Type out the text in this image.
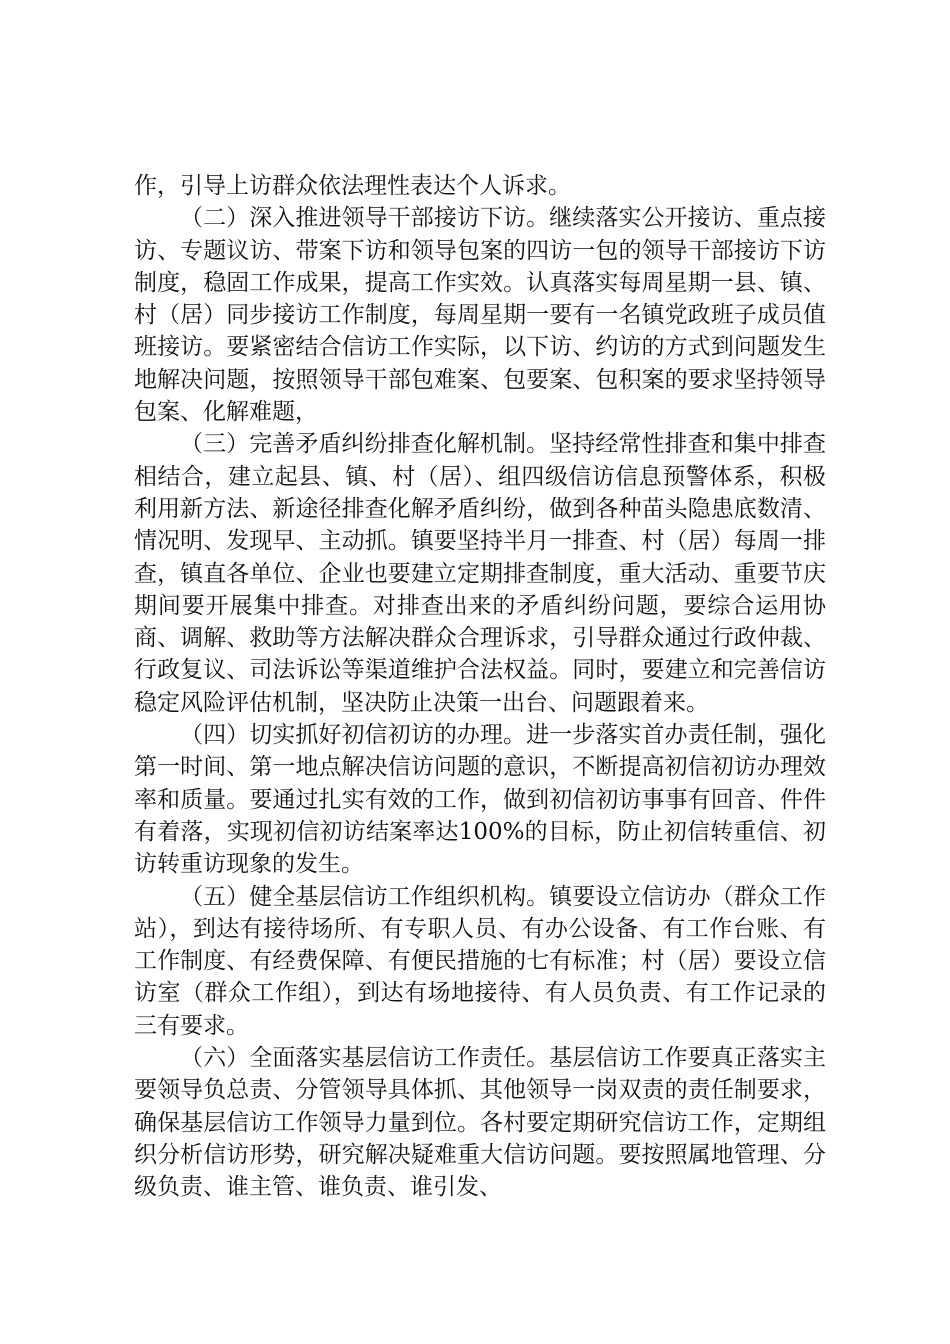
作，引导上访群众依法理性表达个人诉求。

（二）深入推进领导干部接访下访。继续落实公开接访、重点接访、专题议访、带案下访和领导包案的四访一包的领导干部接访下访制度，稳固工作成果，提高工作实效。认真落实每周星期一县、镇、村（居）同步接访工作制度，每周星期一要有一名镇党政班子成员值班接访。要紧密结合信访工作实际，以下访、约访的方式到问题发生地解决问题，按照领导干部包难案、包要案、包积案的要求坚持领导包案、化解难题，

（三）完善矛盾纠纷排查化解机制。坚持经常性排查和集中排查相结合，建立起县、镇、村（居）、组四级信访信息预警体系，积极利用新方法、新途径排查化解矛盾纠纷，做到各种苗头隐患底数清、情况明、发现早、主动抓。镇要坚持半月一排查、村（居）每周一排查，镇直各单位、企业也要建立定期排查制度，重大活动、重要节庆期间要开展集中排查。对排查出来的矛盾纠纷问题，要综合运用协商、调解、救助等方法解决群众合理诉求，引导群众通过行政仲裁、行政复议、司法诉讼等渠道维护合法权益。同时，要建立和完善信访稳定风险评估机制，坚决防止决策一出台、问题跟着来。

（四）切实抓好初信初访的办理。进一步落实首办责任制，强化第一时间、第一地点解决信访问题的意识，不断提高初信初访办理效率和质量。要通过扎实有效的工作，做到初信初访事事有回音、件件有着落，实现初信初访结案率达100%的目标，防止初信转重信、初访转重访现象的发生。

（五）健全基层信访工作组织机构。镇要设立信访办（群众工作站），到达有接待场所、有专职人员、有办公设备、有工作台账、有工作制度、有经费保障、有便民措施的七有标准；村（居）要设立信访室（群众工作组），到达有场地接待、有人员负责、有工作记录的三有要求。

（六）全面落实基层信访工作责任。基层信访工作要真正落实主要领导负总责、分管领导具体抓、其他领导一岗双责的责任制要求，确保基层信访工作领导力量到位。各村要定期研究信访工作，定期组织分析信访形势，研究解决疑难重大信访问题。要按照属地管理、分级负责、谁主管、谁负责、谁引发、
